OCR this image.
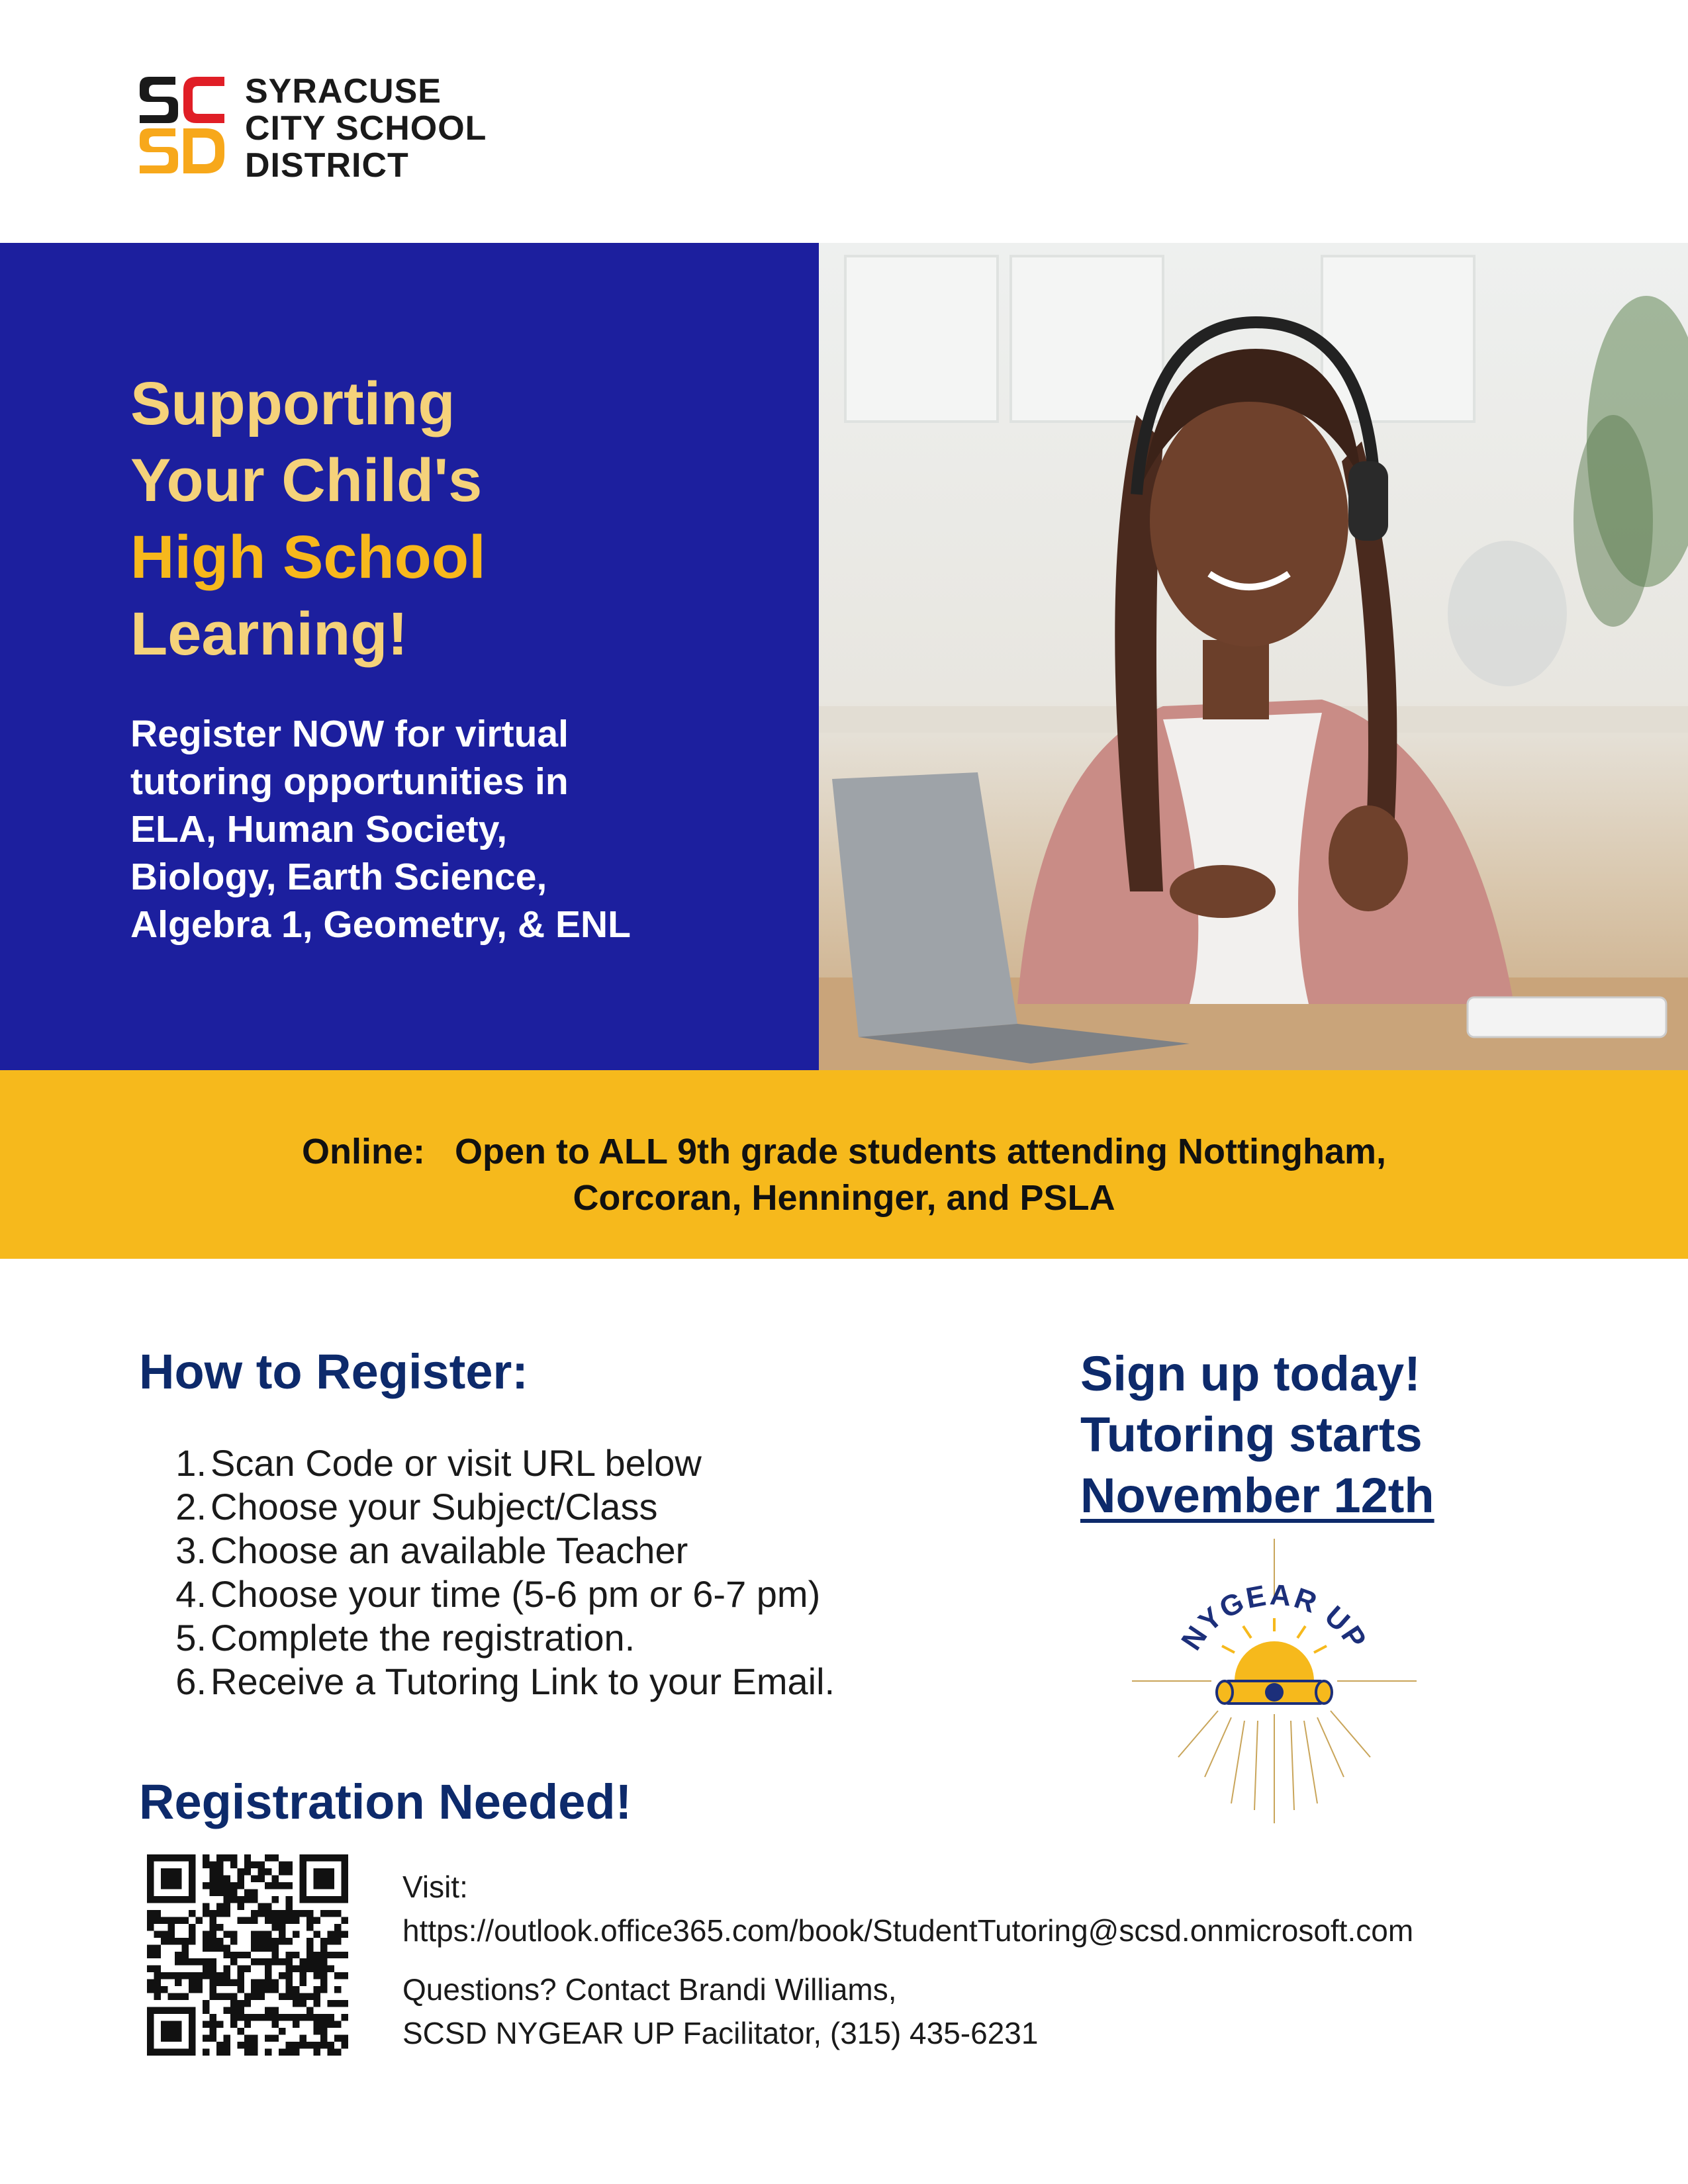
SYRACUSE
CITY SCHOOL
DISTRICT
Supporting
Your Child's
High School
Learning!
Register NOW for virtual
tutoring opportunities in
ELA, Human Society,
Biology, Earth Science,
Algebra 1, Geometry, & ENL
Online: Open to ALL 9th grade students attending Nottingham,
Corcoran, Henninger, and PSLA
How to Register:
1. Scan Code or visit URL below
2. Choose your Subject/Class
3. Choose an available Teacher
4. Choose your time (5-6 pm or 6-7 pm)
5. Complete the registration.
6. Receive a Tutoring Link to your Email.
Sign up today!
Tutoring starts
November 12th
NYGEAR UP
Registration Needed!
Visit:
https://outlook.office365.com/book/StudentTutoring@scsd.onmicrosoft.com
Questions? Contact Brandi Williams,
SCSD NYGEAR UP Facilitator, (315) 435-6231
